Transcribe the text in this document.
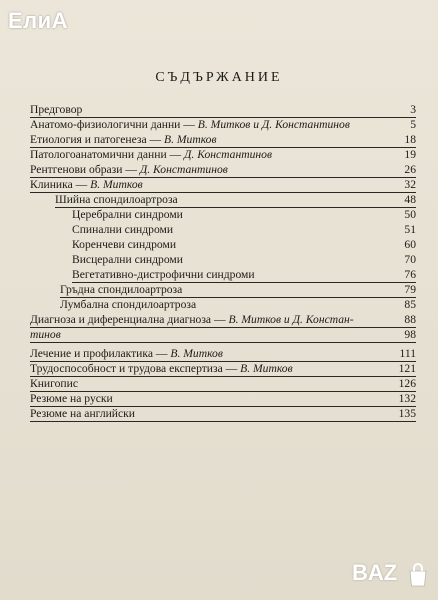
ЕлиА
СЪДЪРЖАНИЕ
Предговор	3
Анатомо-физиологични данни — В. Митков и Д. Константинов	5
Етиология и патогенеза — В. Митков	18
Патологоанатомични данни — Д. Константинов	19
Рентгенови образи — Д. Константинов	26
Клиника — В. Митков	32
Шийна спондилоартроза	48
Церебрални синдроми	50
Спинални синдроми	51
Коренчеви синдроми	60
Висцерални синдроми	70
Вегетативно-дистрофични синдроми	76
Гръдна спондилоартроза	79
Лумбална спондилоартроза	85
Диагноза и диференциална диагноза — В. Митков и Д. Констан-	88
тинов	98
Лечение и профилактика — В. Митков	111
Трудоспособност и трудова експертиза — В. Митков	121
Книгопис	126
Резюме на руски	132
Резюме на английски	135
BAZ
